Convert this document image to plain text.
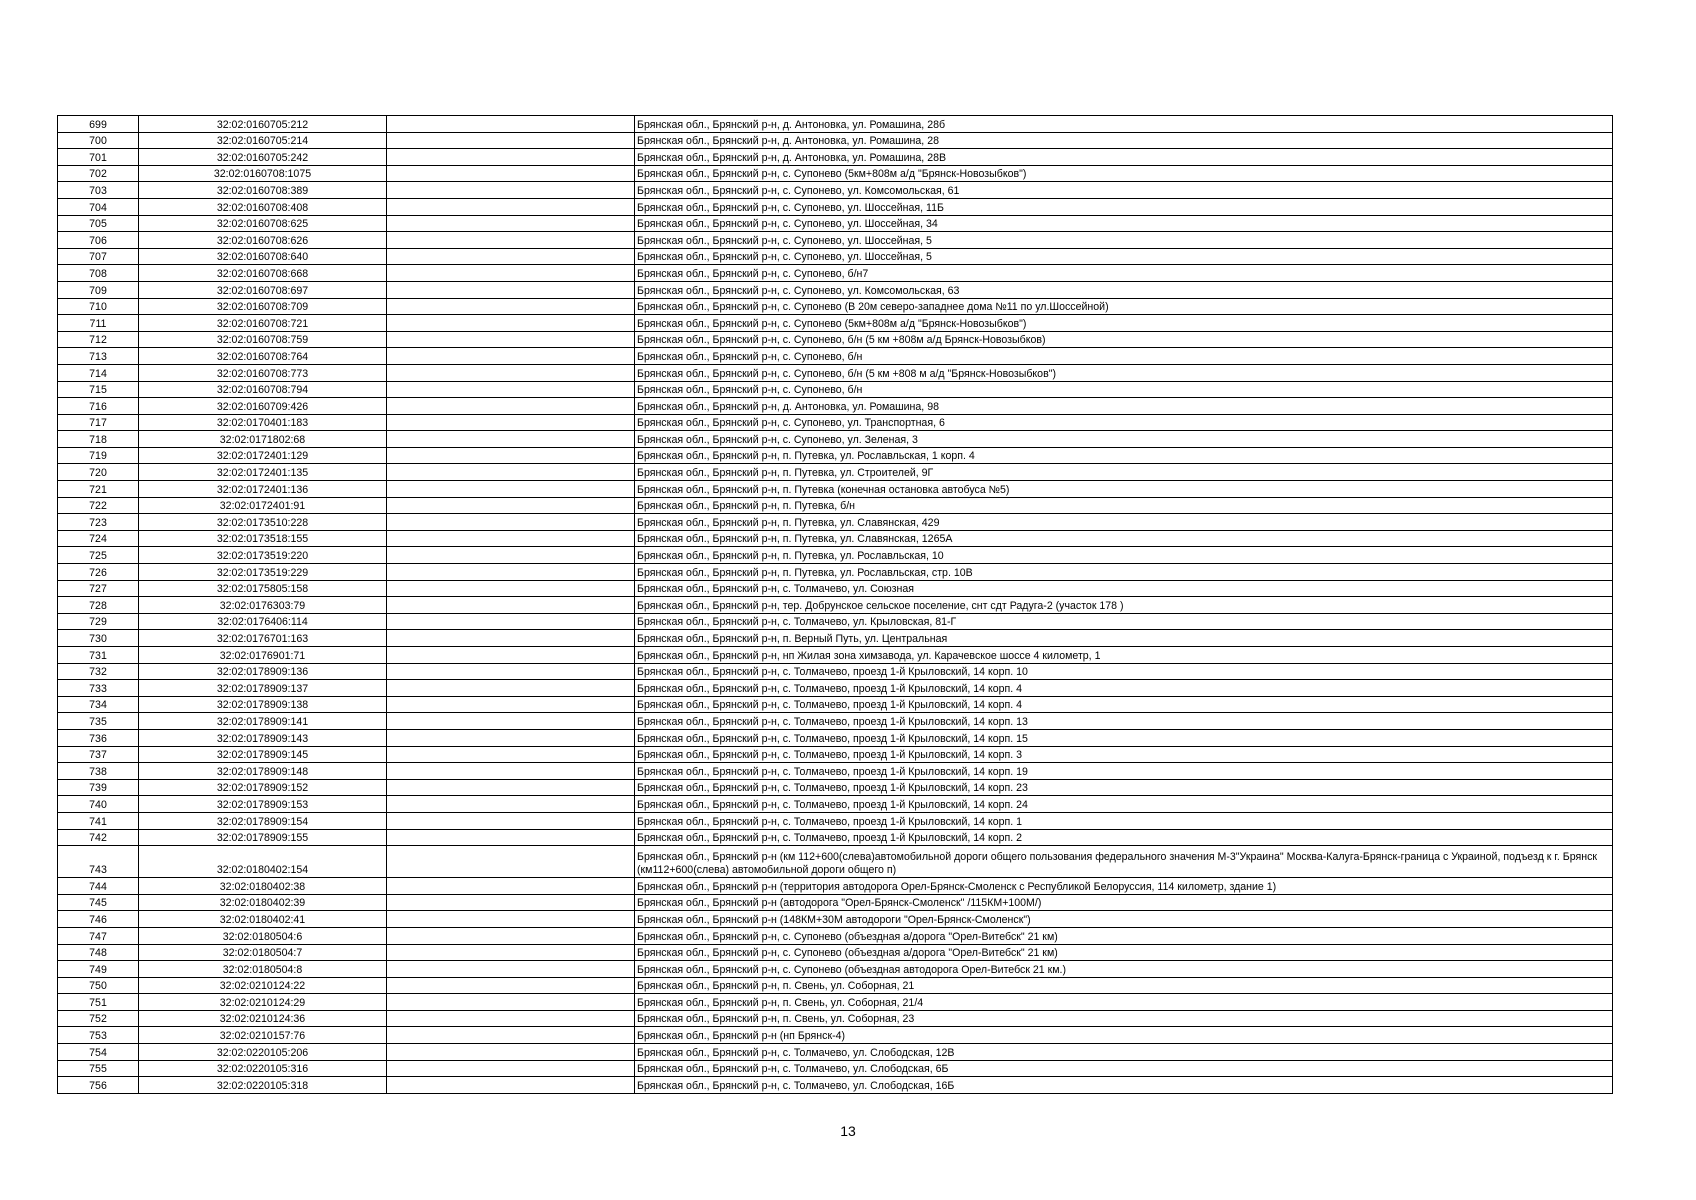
699	32:02:0160705:212		Брянская обл., Брянский р-н, д. Антоновка, ул. Ромашина, 28б
700	32:02:0160705:214		Брянская обл., Брянский р-н, д. Антоновка, ул. Ромашина, 28
701	32:02:0160705:242		Брянская обл., Брянский р-н, д. Антоновка, ул. Ромашина, 28В
702	32:02:0160708:1075		Брянская обл., Брянский р-н, с. Супонево (5км+808м а/д "Брянск-Новозыбков")
703	32:02:0160708:389		Брянская обл., Брянский р-н, с. Супонево, ул. Комсомольская, 61
704	32:02:0160708:408		Брянская обл., Брянский р-н, с. Супонево, ул. Шоссейная, 11Б
705	32:02:0160708:625		Брянская обл., Брянский р-н, с. Супонево, ул. Шоссейная, 34
706	32:02:0160708:626		Брянская обл., Брянский р-н, с. Супонево, ул. Шоссейная, 5
707	32:02:0160708:640		Брянская обл., Брянский р-н, с. Супонево, ул. Шоссейная, 5
708	32:02:0160708:668		Брянская обл., Брянский р-н, с. Супонево, б/н7
709	32:02:0160708:697		Брянская обл., Брянский р-н, с. Супонево, ул. Комсомольская, 63
710	32:02:0160708:709		Брянская обл., Брянский р-н, с. Супонево (В 20м северо-западнее дома №11 по ул.Шоссейной)
711	32:02:0160708:721		Брянская обл., Брянский р-н, с. Супонево (5км+808м а/д "Брянск-Новозыбков")
712	32:02:0160708:759		Брянская обл., Брянский р-н, с. Супонево, б/н (5 км +808м а/д Брянск-Новозыбков)
713	32:02:0160708:764		Брянская обл., Брянский р-н, с. Супонево, б/н
714	32:02:0160708:773		Брянская обл., Брянский р-н, с. Супонево, б/н (5 км +808 м а/д "Брянск-Новозыбков")
715	32:02:0160708:794		Брянская обл., Брянский р-н, с. Супонево, б/н
716	32:02:0160709:426		Брянская обл., Брянский р-н, д. Антоновка, ул. Ромашина, 98
717	32:02:0170401:183		Брянская обл., Брянский р-н, с. Супонево, ул. Транспортная, 6
718	32:02:0171802:68		Брянская обл., Брянский р-н, с. Супонево, ул. Зеленая, 3
719	32:02:0172401:129		Брянская обл., Брянский р-н, п. Путевка, ул. Рославльская, 1 корп. 4
720	32:02:0172401:135		Брянская обл., Брянский р-н, п. Путевка, ул. Строителей, 9Г
721	32:02:0172401:136		Брянская обл., Брянский р-н, п. Путевка (конечная остановка автобуса №5)
722	32:02:0172401:91		Брянская обл., Брянский р-н, п. Путевка, б/н
723	32:02:0173510:228		Брянская обл., Брянский р-н, п. Путевка, ул. Славянская, 429
724	32:02:0173518:155		Брянская обл., Брянский р-н, п. Путевка, ул. Славянская, 1265А
725	32:02:0173519:220		Брянская обл., Брянский р-н, п. Путевка, ул. Рославльская, 10
726	32:02:0173519:229		Брянская обл., Брянский р-н, п. Путевка, ул. Рославльская, стр. 10В
727	32:02:0175805:158		Брянская обл., Брянский р-н, с. Толмачево, ул. Союзная
728	32:02:0176303:79		Брянская обл., Брянский р-н, тер. Добрунское сельское поселение, снт сдт Радуга-2 (участок 178 )
729	32:02:0176406:114		Брянская обл., Брянский р-н, с. Толмачево, ул. Крыловская, 81-Г
730	32:02:0176701:163		Брянская обл., Брянский р-н, п. Верный Путь, ул. Центральная
731	32:02:0176901:71		Брянская обл., Брянский р-н, нп Жилая зона химзавода, ул. Карачевское шоссе 4 километр, 1
732	32:02:0178909:136		Брянская обл., Брянский р-н, с. Толмачево, проезд 1-й Крыловский, 14 корп. 10
733	32:02:0178909:137		Брянская обл., Брянский р-н, с. Толмачево, проезд 1-й Крыловский, 14 корп. 4
734	32:02:0178909:138		Брянская обл., Брянский р-н, с. Толмачево, проезд 1-й Крыловский, 14 корп. 4
735	32:02:0178909:141		Брянская обл., Брянский р-н, с. Толмачево, проезд 1-й Крыловский, 14 корп. 13
736	32:02:0178909:143		Брянская обл., Брянский р-н, с. Толмачево, проезд 1-й Крыловский, 14 корп. 15
737	32:02:0178909:145		Брянская обл., Брянский р-н, с. Толмачево, проезд 1-й Крыловский, 14 корп. 3
738	32:02:0178909:148		Брянская обл., Брянский р-н, с. Толмачево, проезд 1-й Крыловский, 14 корп. 19
739	32:02:0178909:152		Брянская обл., Брянский р-н, с. Толмачево, проезд 1-й Крыловский, 14 корп. 23
740	32:02:0178909:153		Брянская обл., Брянский р-н, с. Толмачево, проезд 1-й Крыловский, 14 корп. 24
741	32:02:0178909:154		Брянская обл., Брянский р-н, с. Толмачево, проезд 1-й Крыловский, 14 корп. 1
742	32:02:0178909:155		Брянская обл., Брянский р-н, с. Толмачево, проезд 1-й Крыловский, 14 корп. 2
743	32:02:0180402:154		Брянская обл., Брянский р-н (км 112+600(слева)автомобильной дороги общего пользования федерального значения М-3"Украина" Москва-Калуга-Брянск-граница с Украиной, подъезд к г. Брянск (км112+600(слева) автомобильной дороги общего п)
744	32:02:0180402:38		Брянская обл., Брянский р-н (территория автодорога Орел-Брянск-Смоленск с Республикой Белоруссия, 114 километр, здание 1)
745	32:02:0180402:39		Брянская обл., Брянский р-н (автодорога "Орел-Брянск-Смоленск" /115КМ+100М/)
746	32:02:0180402:41		Брянская обл., Брянский р-н (148КМ+30М автодороги "Орел-Брянск-Смоленск")
747	32:02:0180504:6		Брянская обл., Брянский р-н, с. Супонево (объездная а/дорога "Орел-Витебск" 21 км)
748	32:02:0180504:7		Брянская обл., Брянский р-н, с. Супонево (объездная а/дорога "Орел-Витебск" 21 км)
749	32:02:0180504:8		Брянская обл., Брянский р-н, с. Супонево (объездная автодорога Орел-Витебск 21 км.)
750	32:02:0210124:22		Брянская обл., Брянский р-н, п. Свень, ул. Соборная, 21
751	32:02:0210124:29		Брянская обл., Брянский р-н, п. Свень, ул. Соборная, 21/4
752	32:02:0210124:36		Брянская обл., Брянский р-н, п. Свень, ул. Соборная, 23
753	32:02:0210157:76		Брянская обл., Брянский р-н (нп Брянск-4)
754	32:02:0220105:206		Брянская обл., Брянский р-н, с. Толмачево, ул. Слободская, 12В
755	32:02:0220105:316		Брянская обл., Брянский р-н, с. Толмачево, ул. Слободская, 6Б
756	32:02:0220105:318		Брянская обл., Брянский р-н, с. Толмачево, ул. Слободская, 16Б
13
